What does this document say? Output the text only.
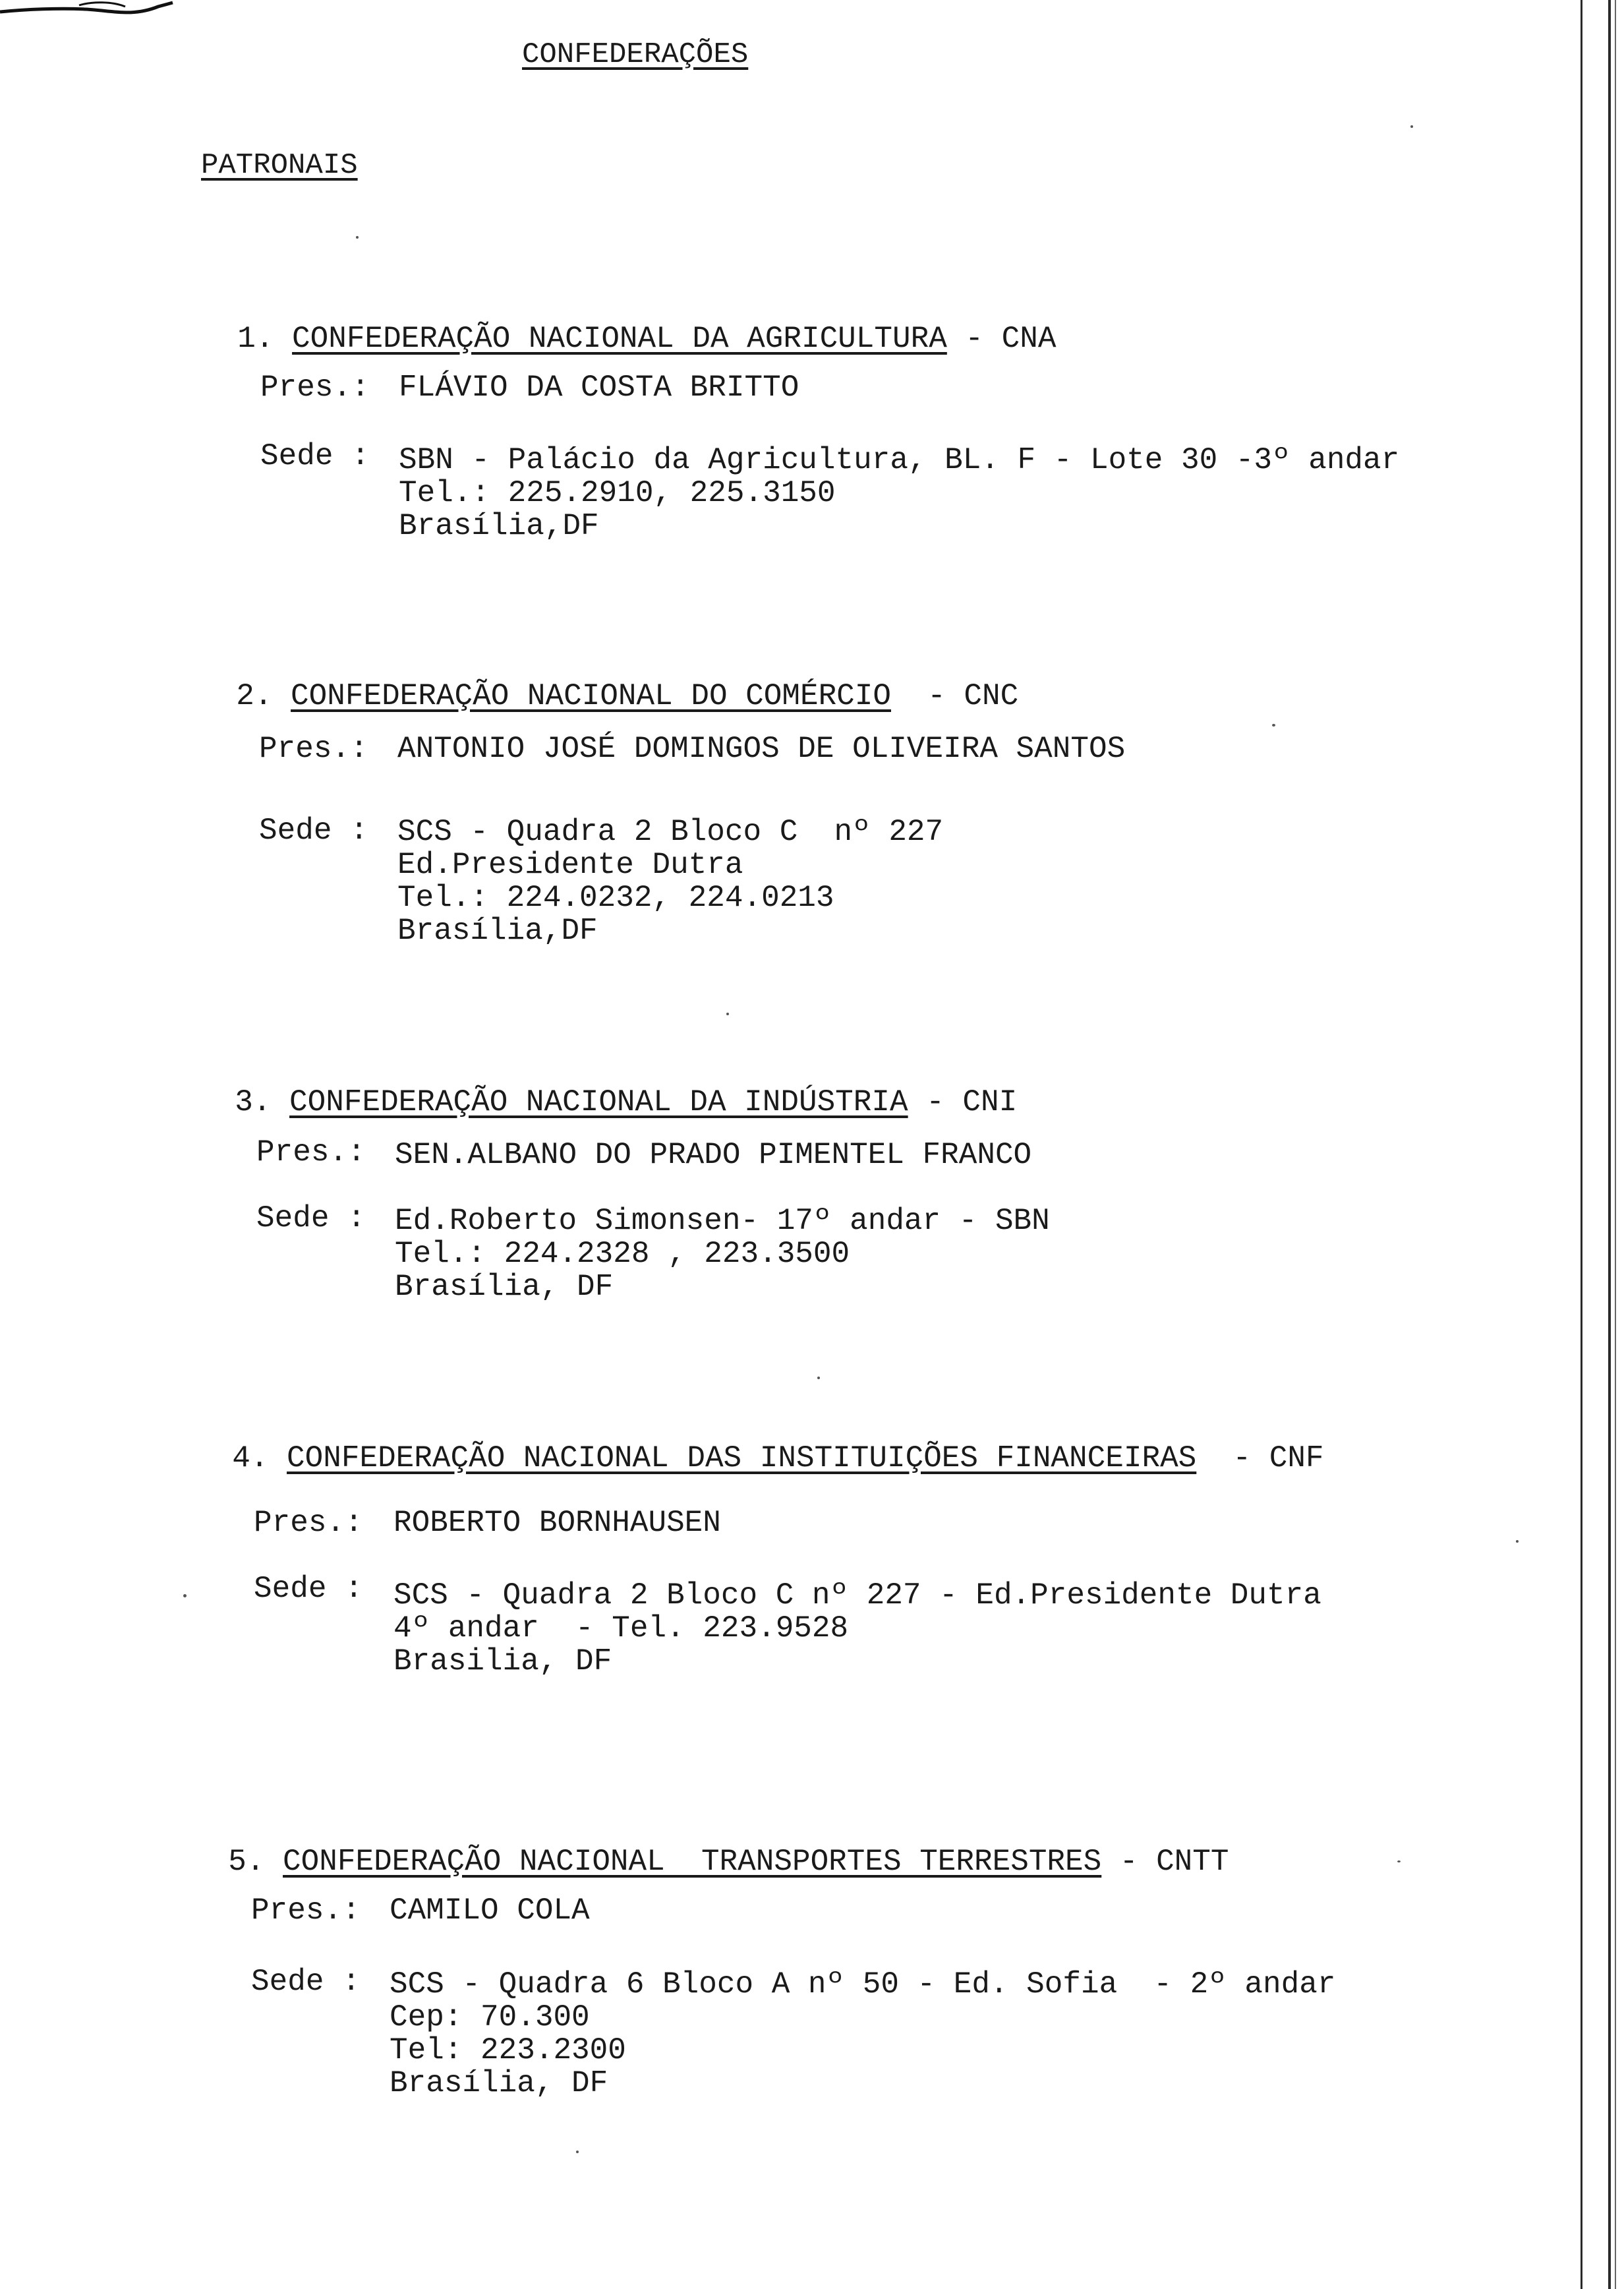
CONFEDERAÇÕES
PATRONAIS

1. CONFEDERAÇÃO NACIONAL DA AGRICULTURA - CNA

Pres.: FLÁVIO DA COSTA BRITTO
Sede : SBN - Palácio da Agricultura, BL. F - Lote 30 -3º andar
Tel.: 225.2910, 225.3150
Brasília,DF

2. CONFEDERAÇÃO NACIONAL DO COMÉRCIO - CNC

Pres.: ANTONIO JOSÉ DOMINGOS DE OLIVEIRA SANTOS
Sede : SCS - Quadra 2 Bloco C  nº 227
Ed.Presidente Dutra
Tel.: 224.0232, 224.0213
Brasília,DF

3. CONFEDERAÇÃO NACIONAL DA INDÚSTRIA - CNI

Pres.: SEN.ALBANO DO PRADO PIMENTEL FRANCO
Sede : Ed.Roberto Simonsen- 17º andar - SBN
Tel.: 224.2328 , 223.3500
Brasília, DF

4. CONFEDERAÇÃO NACIONAL DAS INSTITUIÇÕES FINANCEIRAS - CNF

Pres.: ROBERTO BORNHAUSEN
Sede : SCS - Quadra 2 Bloco C nº 227 - Ed.Presidente Dutra
4º andar  - Tel. 223.9528
Brasilia, DF

5. CONFEDERAÇÃO NACIONAL  TRANSPORTES TERRESTRES - CNTT

Pres.: CAMILO COLA
Sede : SCS - Quadra 6 Bloco A nº 50 - Ed. Sofia  - 2º andar
Cep: 70.300
Tel: 223.2300
Brasília, DF
